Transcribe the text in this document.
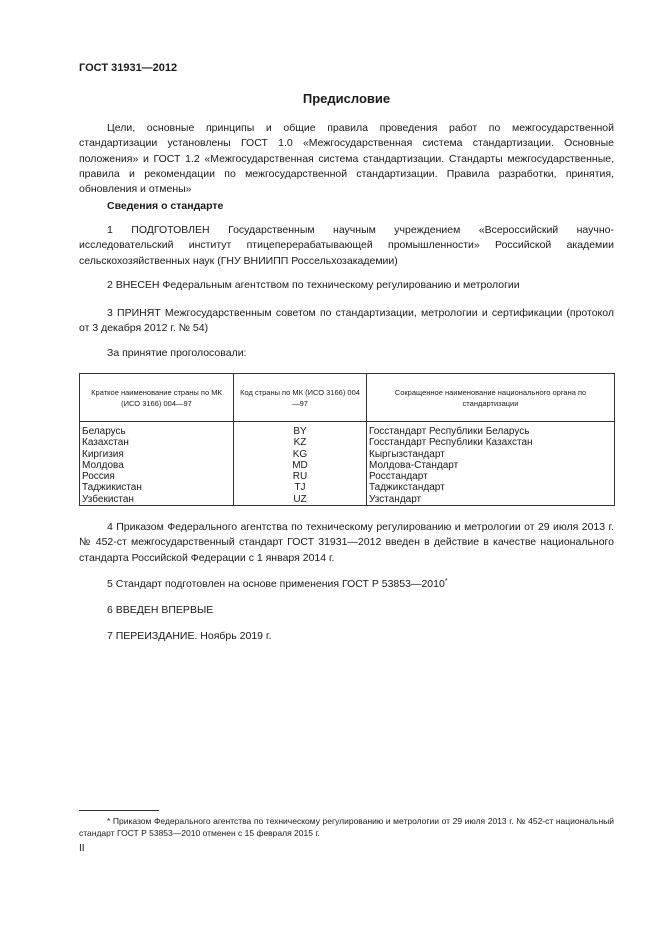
ГОСТ 31931—2012
Предисловие

Цели, основные принципы и общие правила проведения работ по межгосударственной стандартизации установлены ГОСТ 1.0 «Межгосударственная система стандартизации. Основные положения» и ГОСТ 1.2 «Межгосударственная система стандартизации. Стандарты межгосударственные, правила и рекомендации по межгосударственной стандартизации. Правила разработки, принятия, обновления и отмены»

Сведения о стандарте

1 ПОДГОТОВЛЕН Государственным научным учреждением «Всероссийский научно-исследовательский институт птицеперерабатывающей промышленности» Российской академии сельскохозяйственных наук (ГНУ ВНИИПП Россельхозакадемии)

2 ВНЕСЕН Федеральным агентством по техническому регулированию и метрологии

3 ПРИНЯТ Межгосударственным советом по стандартизации, метрологии и сертификации (протокол от 3 декабря 2012 г. № 54)

За принятие проголосовали:
Краткое наименование страны по МК (ИСО 3166) 004—97	Код страны по МК (ИСО 3166) 004—97	Сокращенное наименование национального органа по стандартизации
Беларусь	BY	Госстандарт Республики Беларусь
Казахстан	KZ	Госстандарт Республики Казахстан
Киргизия	KG	Кыргызстандарт
Молдова	MD	Молдова-Стандарт
Россия	RU	Росстандарт
Таджикистан	TJ	Таджикстандарт
Узбекистан	UZ	Узстандарт

4 Приказом Федерального агентства по техническому регулированию и метрологии от 29 июля 2013 г. № 452-ст межгосударственный стандарт ГОСТ 31931—2012 введен в действие в качестве национального стандарта Российской Федерации с 1 января 2014 г.

5 Стандарт подготовлен на основе применения ГОСТ Р 53853—2010*

6 ВВЕДЕН ВПЕРВЫЕ

7 ПЕРЕИЗДАНИЕ. Ноябрь 2019 г.

* Приказом Федерального агентства по техническому регулированию и метрологии от 29 июля 2013 г. № 452-ст национальный стандарт ГОСТ Р 53853—2010 отменен с 15 февраля 2015 г.

II
